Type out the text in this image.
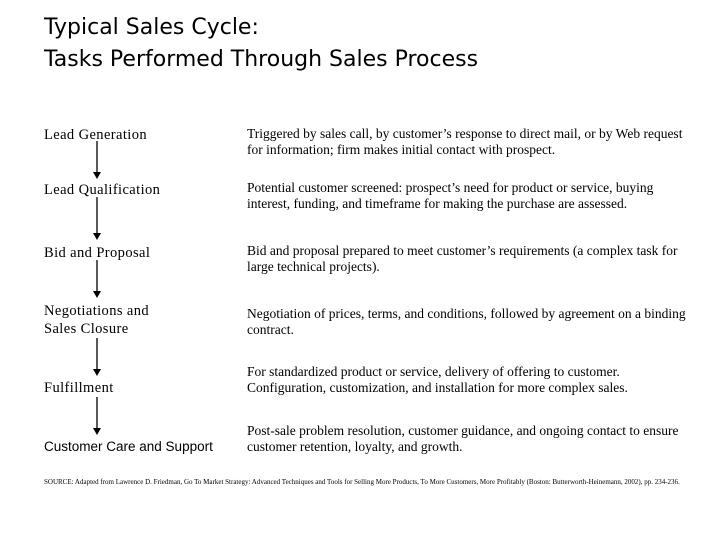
Typical Sales Cycle:
Tasks Performed Through Sales Process
Lead Generation
Lead Qualification
Bid and Proposal
Negotiations and Sales Closure
Fulfillment
Customer Care and Support
Triggered by sales call, by customer’s response to direct mail, or by Web request for information; firm makes initial contact with prospect.
Potential customer screened: prospect’s need for product or service, buying interest, funding, and timeframe for making the purchase are assessed.
Bid and proposal prepared to meet customer’s requirements (a complex task for large technical projects).
Negotiation of prices, terms, and conditions, followed by agreement on a binding contract.
For standardized product or service, delivery of offering to customer. Configuration, customization, and installation for more complex sales.
Post-sale problem resolution, customer guidance, and ongoing contact to ensure customer retention, loyalty, and growth.
SOURCE: Adapted from Lawrence D. Friedman, Go To Market Strategy: Advanced Techniques and Tools for Selling More Products, To More Customers, More Profitably (Boston: Butterworth-Heinemann, 2002), pp. 234-236.
